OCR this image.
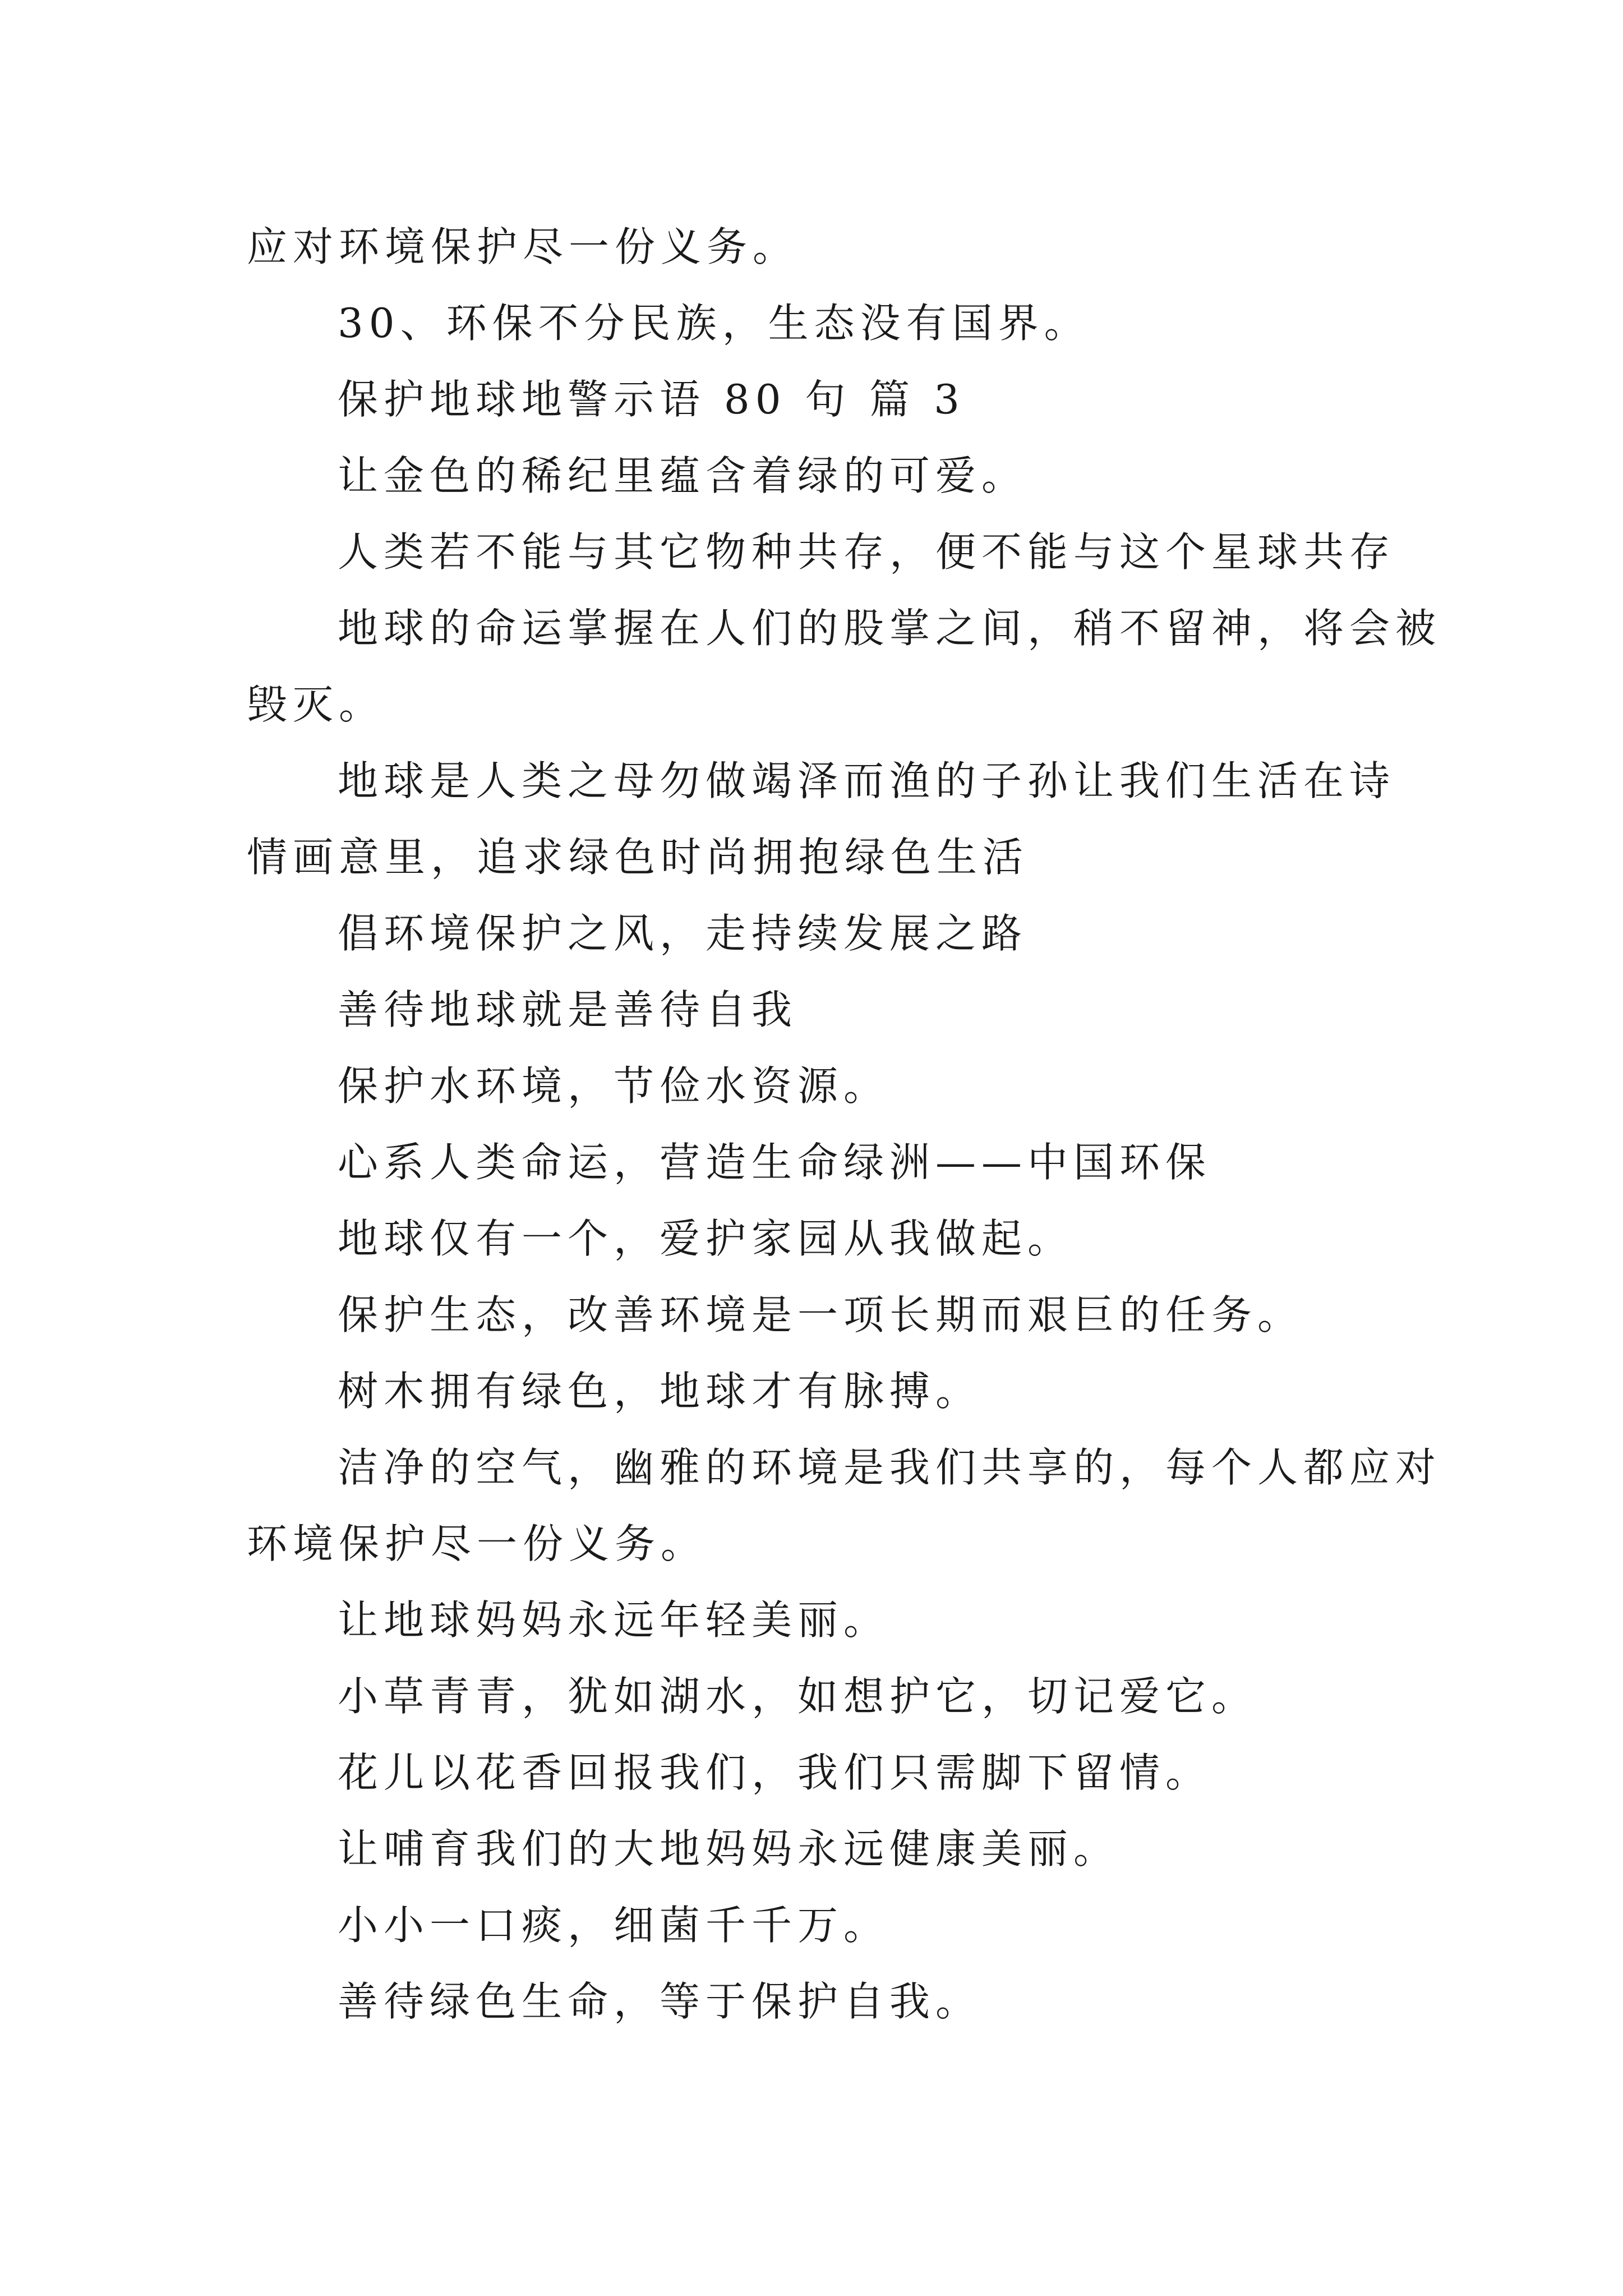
应对环境保护尽一份义务。
30、环保不分民族，生态没有国界。
保护地球地警示语 80 句 篇 3
让金色的稀纪里蕴含着绿的可爱。
人类若不能与其它物种共存，便不能与这个星球共存
地球的命运掌握在人们的股掌之间，稍不留神，将会被
毁灭。
地球是人类之母勿做竭泽而渔的子孙让我们生活在诗
情画意里，追求绿色时尚拥抱绿色生活
倡环境保护之风，走持续发展之路
善待地球就是善待自我
保护水环境，节俭水资源。
心系人类命运，营造生命绿洲——中国环保
地球仅有一个，爱护家园从我做起。
保护生态，改善环境是一项长期而艰巨的任务。
树木拥有绿色，地球才有脉搏。
洁净的空气，幽雅的环境是我们共享的，每个人都应对
环境保护尽一份义务。
让地球妈妈永远年轻美丽。
小草青青，犹如湖水，如想护它，切记爱它。
花儿以花香回报我们，我们只需脚下留情。
让哺育我们的大地妈妈永远健康美丽。
小小一口痰，细菌千千万。
善待绿色生命，等于保护自我。
